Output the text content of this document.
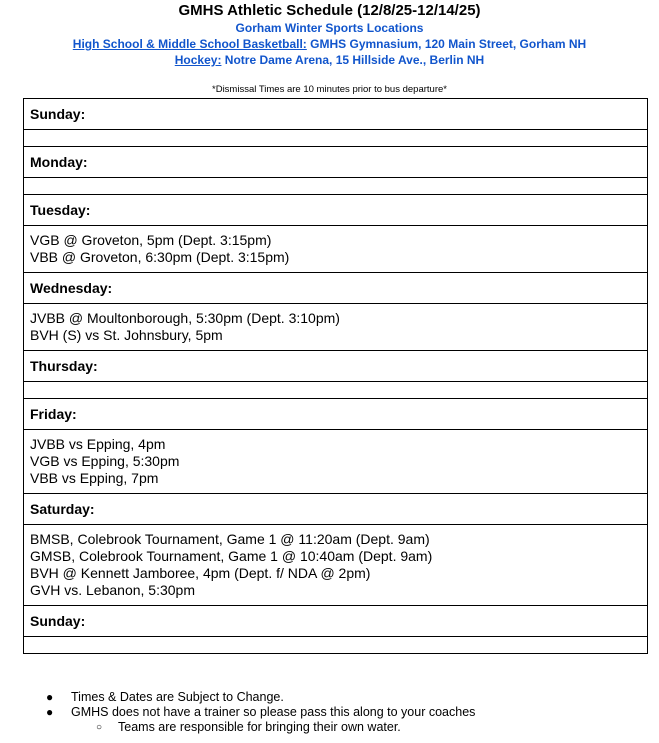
GMHS Athletic Schedule (12/8/25-12/14/25)
Gorham Winter Sports Locations
High School & Middle School Basketball: GMHS Gymnasium, 120 Main Street, Gorham NH
Hockey: Notre Dame Arena, 15 Hillside Ave., Berlin NH
*Dismissal Times are 10 minutes prior to bus departure*
Sunday:

Monday:

Tuesday:

VGB @ Groveton, 5pm (Dept. 3:15pm)
VBB @ Groveton, 6:30pm (Dept. 3:15pm)

Wednesday:

JVBB @ Moultonborough, 5:30pm (Dept. 3:10pm)
BVH (S) vs St. Johnsbury, 5pm

Thursday:

Friday:

JVBB vs Epping, 4pm
VGB vs Epping, 5:30pm
VBB vs Epping, 7pm

Saturday:

BMSB, Colebrook Tournament, Game 1 @ 11:20am (Dept. 9am)
GMSB, Colebrook Tournament, Game 1 @ 10:40am (Dept. 9am)
BVH @ Kennett Jamboree, 4pm (Dept. f/ NDA @ 2pm)
GVH vs. Lebanon, 5:30pm

Sunday:

● Times & Dates are Subject to Change.
● GMHS does not have a trainer so please pass this along to your coaches
○ Teams are responsible for bringing their own water.
